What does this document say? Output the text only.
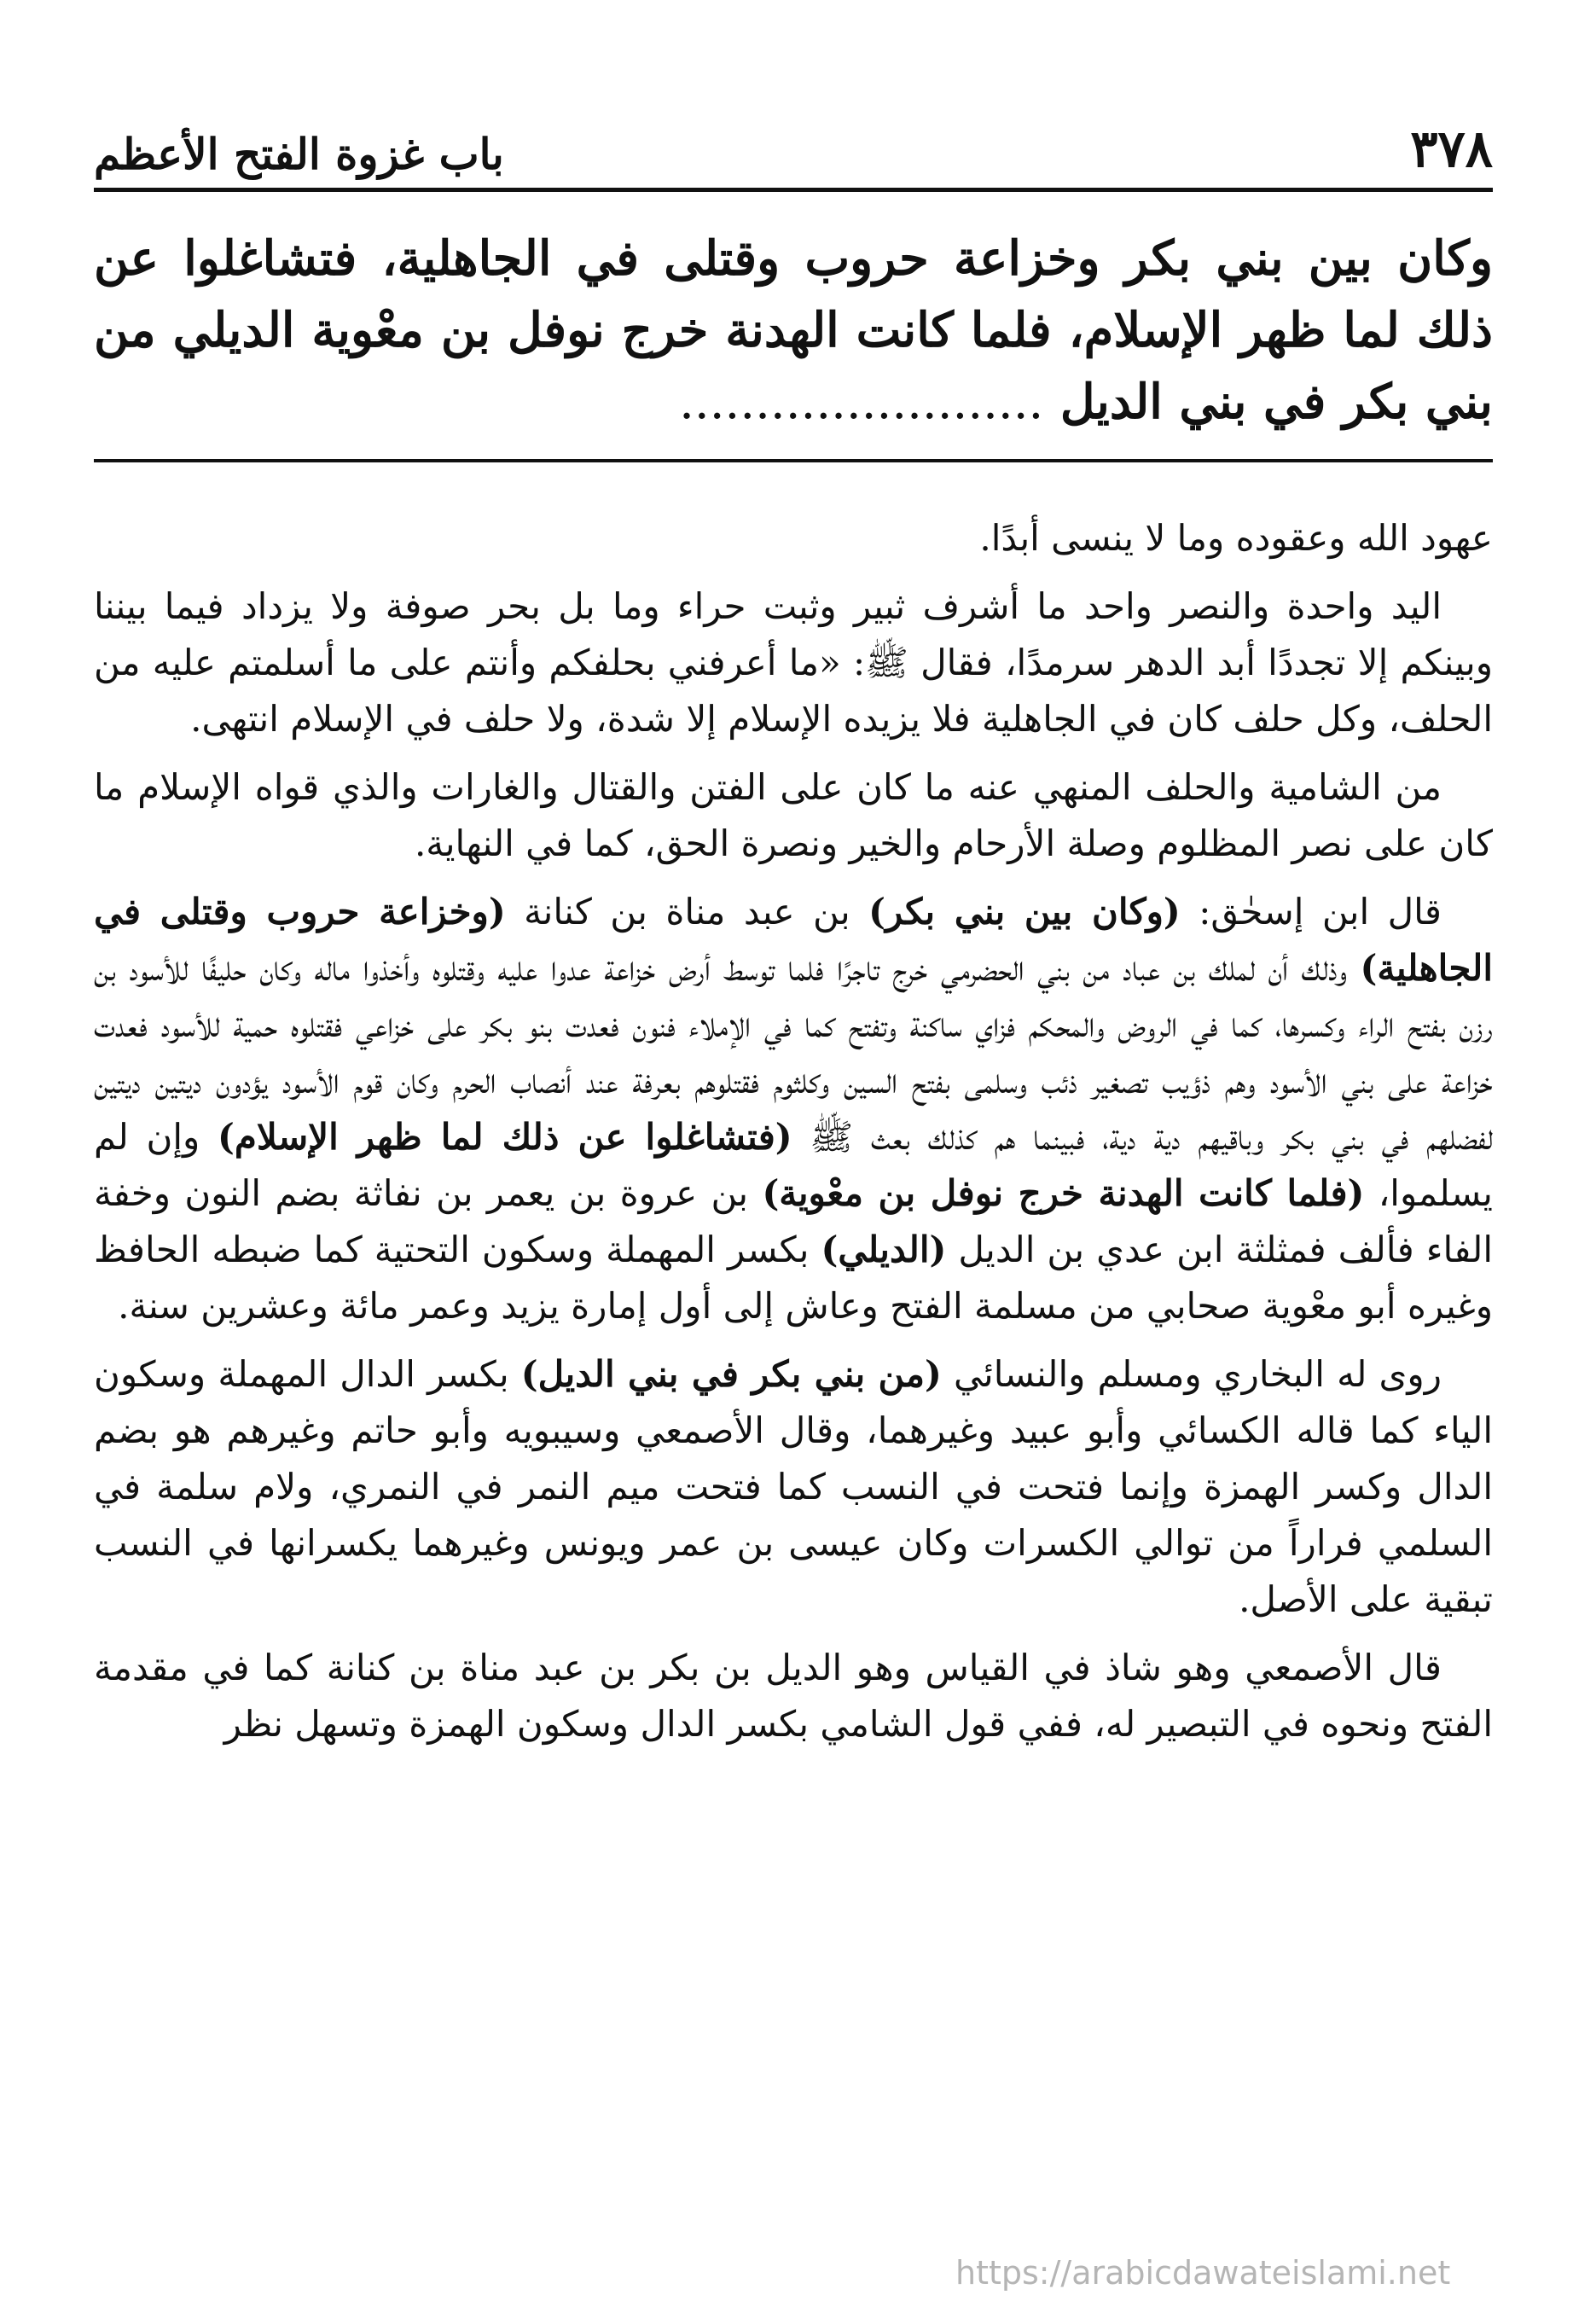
٣٧٨
باب غزوة الفتح الأعظم
وكان بين بني بكر وخزاعة حروب وقتلى في الجاهلية، فتشاغلوا عن ذلك لما ظهر الإسلام، فلما كانت الهدنة خرج نوفل بن معْوية الديلي من بني بكر في بني الديل ........................

عهود الله وعقوده وما لا ينسى أبدًا.

اليد واحدة والنصر واحد ما أشرف ثبير وثبت حراء وما بل بحر صوفة ولا يزداد فيما بيننا وبينكم إلا تجددًا أبد الدهر سرمدًا، فقال ﷺ: «ما أعرفني بحلفكم وأنتم على ما أسلمتم عليه من الحلف، وكل حلف كان في الجاهلية فلا يزيده الإسلام إلا شدة، ولا حلف في الإسلام انتهى.

من الشامية والحلف المنهي عنه ما كان على الفتن والقتال والغارات والذي قواه الإسلام ما كان على نصر المظلوم وصلة الأرحام والخير ونصرة الحق، كما في النهاية.

قال ابن إسحٰق: (وكان بين بني بكر) بن عبد مناة بن كنانة (وخزاعة حروب وقتلى في الجاهلية) وذلك أن لملك بن عباد من بني الحضرمي خرج تاجرًا فلما توسط أرض خزاعة عدوا عليه وقتلوه وأخذوا ماله وكان حليفًا للأسود بن رزن بفتح الراء وكسرها، كما في الروض والمحكم فزاي ساكنة وتفتح كما في الإملاء فنون فعدت بنو بكر على خزاعي فقتلوه حمية للأسود فعدت خزاعة على بني الأسود وهم ذؤيب تصغير ذئب وسلمى بفتح السين وكلثوم فقتلوهم بعرفة عند أنصاب الحرم وكان قوم الأسود يؤدون ديتين ديتين لفضلهم في بني بكر وباقيهم دية دية، فبينما هم كذلك بعث ﷺ (فتشاغلوا عن ذلك لما ظهر الإسلام) وإن لم يسلموا، (فلما كانت الهدنة خرج نوفل بن معْوية) بن عروة بن يعمر بن نفاثة بضم النون وخفة الفاء فألف فمثلثة ابن عدي بن الديل (الديلي) بكسر المهملة وسكون التحتية كما ضبطه الحافظ وغيره أبو معْوية صحابي من مسلمة الفتح وعاش إلى أول إمارة يزيد وعمر مائة وعشرين سنة.

روى له البخاري ومسلم والنسائي (من بني بكر في بني الديل) بكسر الدال المهملة وسكون الياء كما قاله الكسائي وأبو عبيد وغيرهما، وقال الأصمعي وسيبويه وأبو حاتم وغيرهم هو بضم الدال وكسر الهمزة وإنما فتحت في النسب كما فتحت ميم النمر في النمري، ولام سلمة في السلمي فراراً من توالي الكسرات وكان عيسى بن عمر ويونس وغيرهما يكسرانها في النسب تبقية على الأصل.

قال الأصمعي وهو شاذ في القياس وهو الديل بن بكر بن عبد مناة بن كنانة كما في مقدمة الفتح ونحوه في التبصير له، ففي قول الشامي بكسر الدال وسكون الهمزة وتسهل نظر

https://arabicdawateislami.net
